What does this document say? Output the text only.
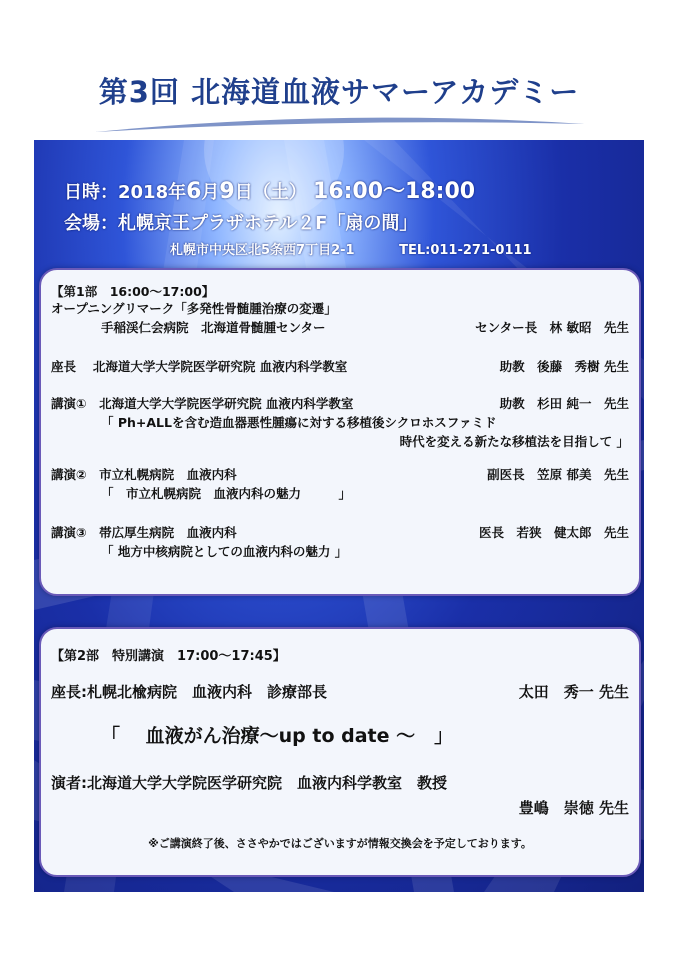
第3回 北海道血液サマーアカデミー
日時：2018年6月9日（土） 16:00〜18:00
会場：札幌京王プラザホテル２F「扇の間」
札幌市中央区北5条西7丁目2-1	TEL:011-271-0111
【第1部　16:00〜17:00】
オープニングリマーク「多発性骨髄腫治療の変遷」
手稲渓仁会病院　北海道骨髄腫センター	センター長　林 敏昭　先生
座長　 北海道大学大学院医学研究院 血液内科学教室	助教　後藤　秀樹 先生
講演①　北海道大学大学院医学研究院 血液内科学教室	助教　杉田 純一　先生
「 Ph+ALLを含む造血器悪性腫瘍に対する移植後シクロホスファミド
時代を変える新たな移植法を目指して 」
講演②　市立札幌病院　血液内科	副医長　笠原 郁美　先生
「　市立札幌病院　血液内科の魅力　　　」
講演③　帯広厚生病院　血液内科	医長　若狭　健太郎　先生
「 地方中核病院としての血液内科の魅力 」
【第2部　特別講演　17:00〜17:45】
座長:札幌北楡病院　血液内科　診療部長	太田　秀一 先生
「　 血液がん治療〜up to date 〜　」
演者:北海道大学大学院医学研究院　血液内科学教室　教授
豊嶋　崇徳 先生
※ご講演終了後、ささやかではございますが情報交換会を予定しております。
